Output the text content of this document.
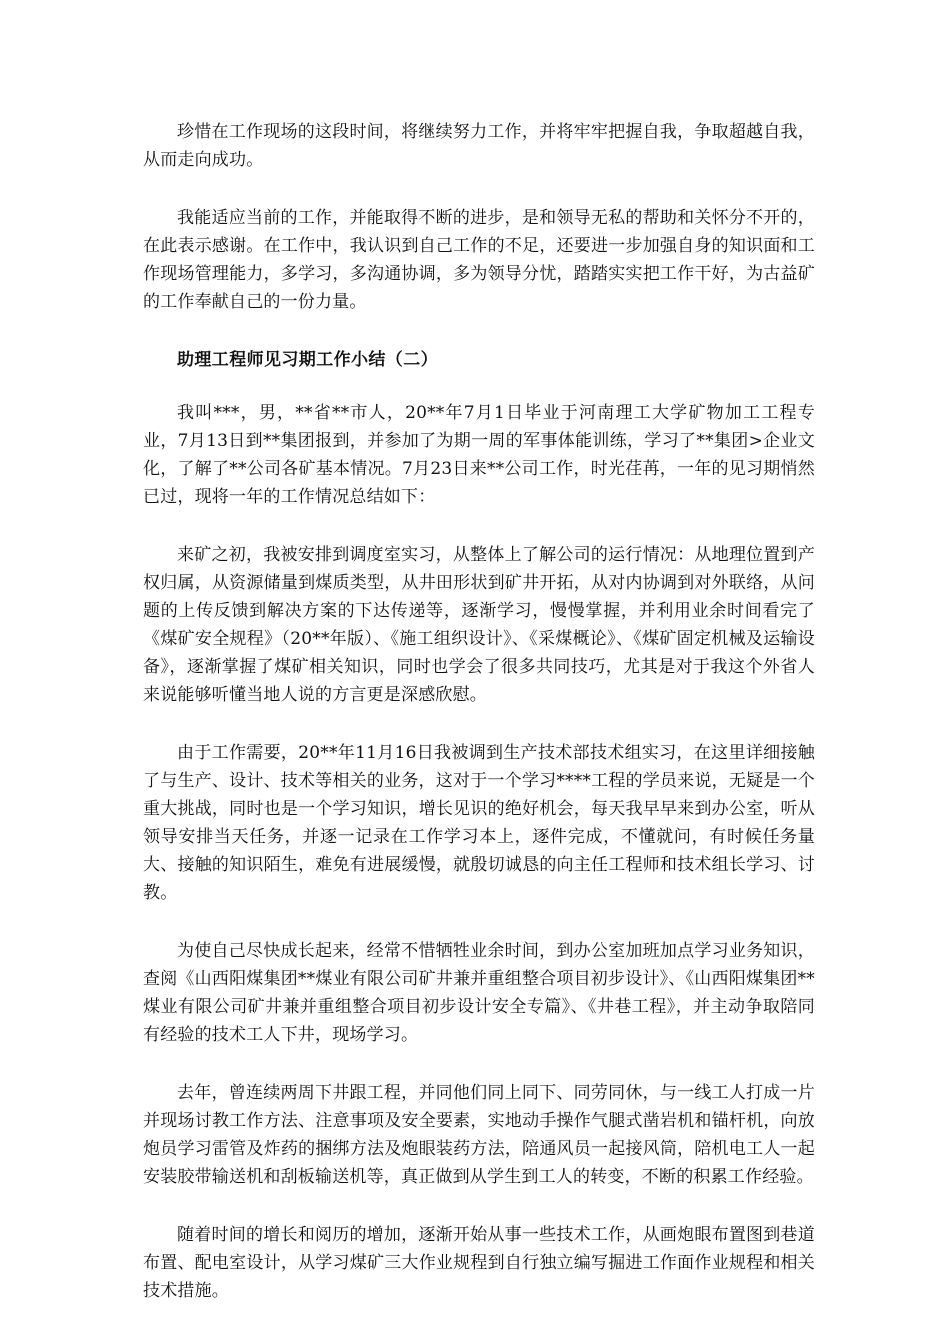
珍惜在工作现场的这段时间，将继续努力工作，并将牢牢把握自我，争取超越自我，从而走向成功。

我能适应当前的工作，并能取得不断的进步，是和领导无私的帮助和关怀分不开的，在此表示感谢。在工作中，我认识到自己工作的不足，还要进一步加强自身的知识面和工作现场管理能力，多学习，多沟通协调，多为领导分忧，踏踏实实把工作干好，为古益矿的工作奉献自己的一份力量。

助理工程师见习期工作小结（二）

我叫***，男，**省**市人，20**年7月1日毕业于河南理工大学矿物加工工程专业，7月13日到**集团报到，并参加了为期一周的军事体能训练，学习了**集团>企业文化，了解了**公司各矿基本情况。7月23日来**公司工作，时光荏苒，一年的见习期悄然已过，现将一年的工作情况总结如下：

来矿之初，我被安排到调度室实习，从整体上了解公司的运行情况：从地理位置到产权归属，从资源储量到煤质类型，从井田形状到矿井开拓，从对内协调到对外联络，从问题的上传反馈到解决方案的下达传递等，逐渐学习，慢慢掌握，并利用业余时间看完了《煤矿安全规程》（20**年版）、《施工组织设计》、《采煤概论》、《煤矿固定机械及运输设备》，逐渐掌握了煤矿相关知识，同时也学会了很多共同技巧，尤其是对于我这个外省人来说能够听懂当地人说的方言更是深感欣慰。

由于工作需要，20**年11月16日我被调到生产技术部技术组实习，在这里详细接触了与生产、设计、技术等相关的业务，这对于一个学习****工程的学员来说，无疑是一个重大挑战，同时也是一个学习知识，增长见识的绝好机会，每天我早早来到办公室，听从领导安排当天任务，并逐一记录在工作学习本上，逐件完成，不懂就问，有时候任务量大、接触的知识陌生，难免有进展缓慢，就殷切诚恳的向主任工程师和技术组长学习、讨教。

为使自己尽快成长起来，经常不惜牺牲业余时间，到办公室加班加点学习业务知识，查阅《山西阳煤集团**煤业有限公司矿井兼并重组整合项目初步设计》、《山西阳煤集团**煤业有限公司矿井兼并重组整合项目初步设计安全专篇》、《井巷工程》，并主动争取陪同有经验的技术工人下井，现场学习。

去年，曾连续两周下井跟工程，并同他们同上同下、同劳同休，与一线工人打成一片并现场讨教工作方法、注意事项及安全要素，实地动手操作气腿式凿岩机和锚杆机，向放炮员学习雷管及炸药的捆绑方法及炮眼装药方法，陪通风员一起接风筒，陪机电工人一起安装胶带输送机和刮板输送机等，真正做到从学生到工人的转变，不断的积累工作经验。

随着时间的增长和阅历的增加，逐渐开始从事一些技术工作，从画炮眼布置图到巷道布置、配电室设计，从学习煤矿三大作业规程到自行独立编写掘进工作面作业规程和相关技术措施。
